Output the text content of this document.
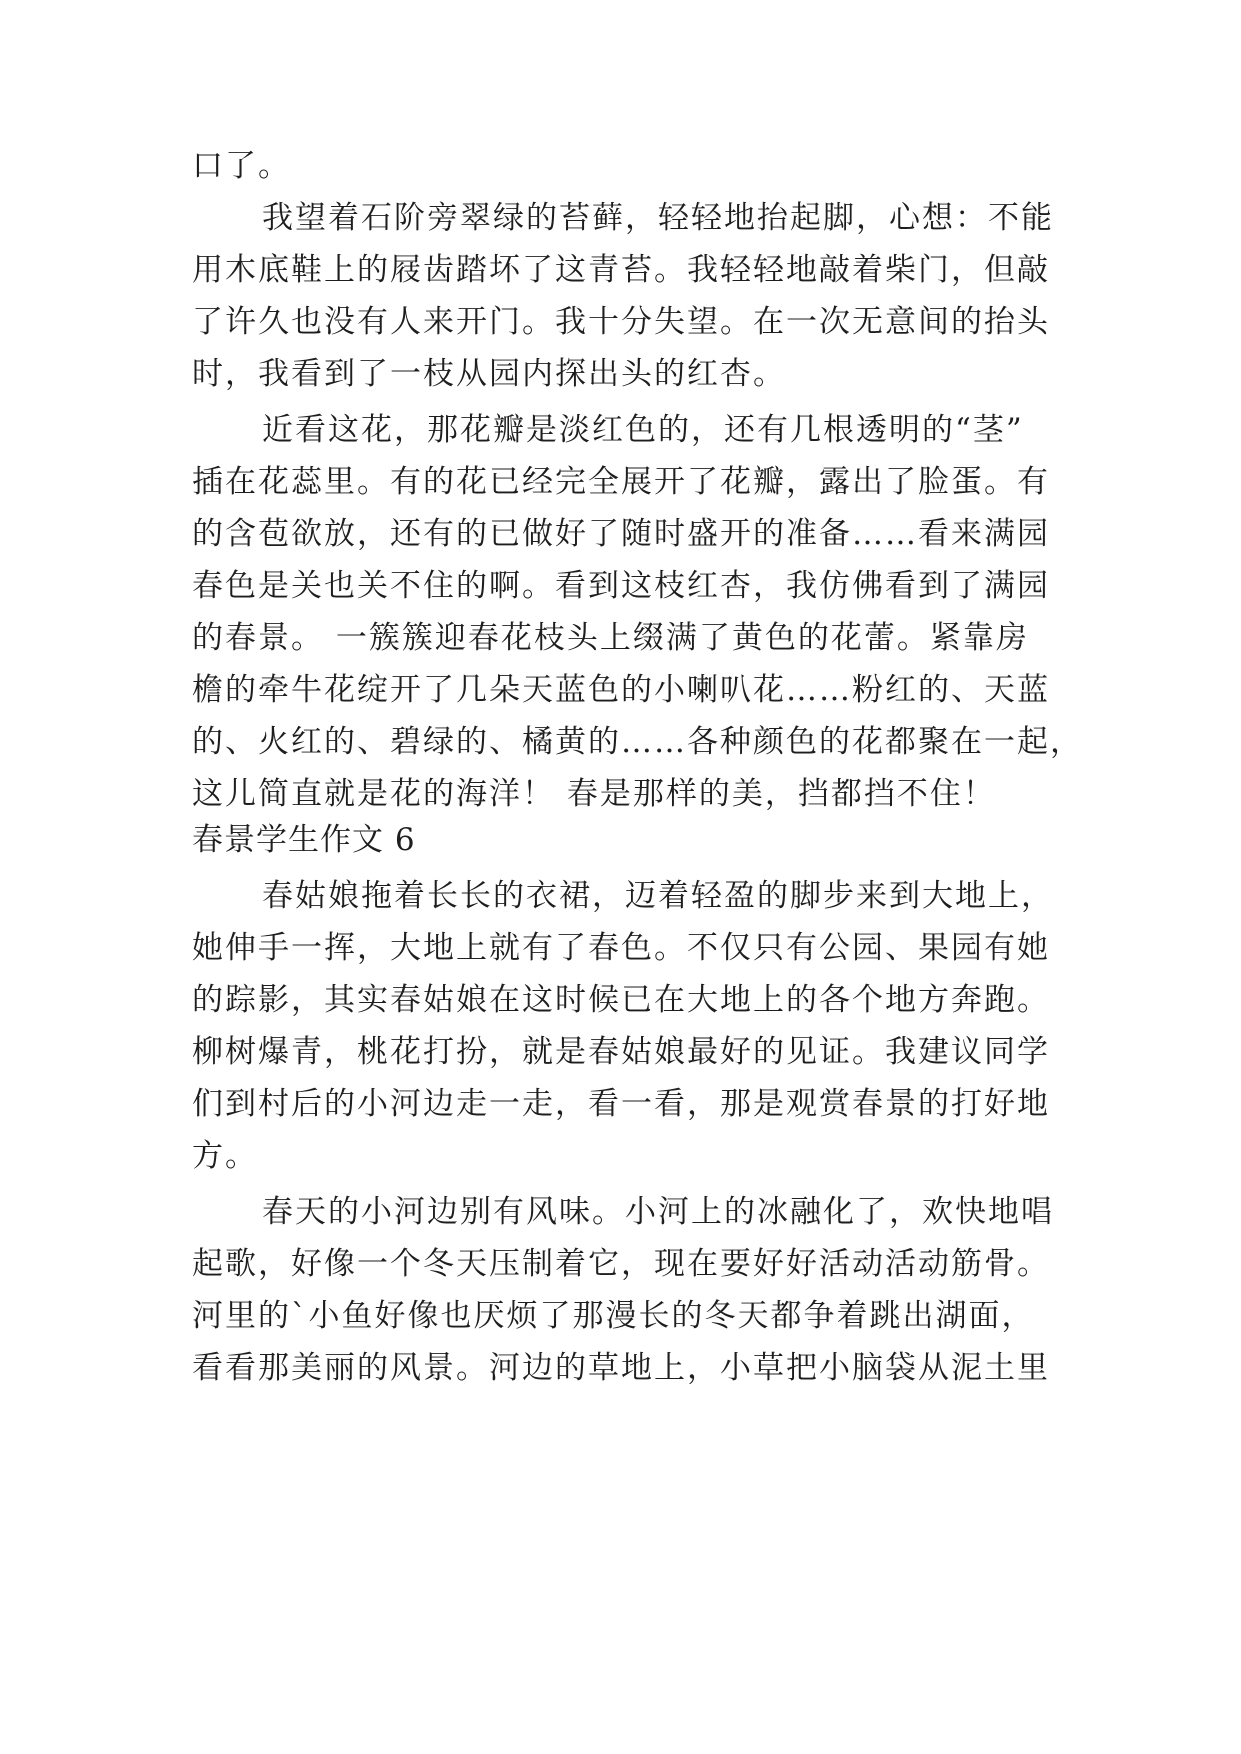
口了。
我望着石阶旁翠绿的苔藓，轻轻地抬起脚，心想：不能
用木底鞋上的屐齿踏坏了这青苔。我轻轻地敲着柴门，但敲
了许久也没有人来开门。我十分失望。在一次无意间的抬头
时，我看到了一枝从园内探出头的红杏。
近看这花，那花瓣是淡红色的，还有几根透明的“茎”
插在花蕊里。有的花已经完全展开了花瓣，露出了脸蛋。有
的含苞欲放，还有的已做好了随时盛开的准备……看来满园
春色是关也关不住的啊。看到这枝红杏，我仿佛看到了满园
的春景。 一簇簇迎春花枝头上缀满了黄色的花蕾。紧靠房
檐的牵牛花绽开了几朵天蓝色的小喇叭花……粉红的、天蓝
的、火红的、碧绿的、橘黄的……各种颜色的花都聚在一起，
这儿简直就是花的海洋！ 春是那样的美，挡都挡不住！
春景学生作文 6
春姑娘拖着长长的衣裙，迈着轻盈的脚步来到大地上，
她伸手一挥，大地上就有了春色。不仅只有公园、果园有她
的踪影，其实春姑娘在这时候已在大地上的各个地方奔跑。
柳树爆青，桃花打扮，就是春姑娘最好的见证。我建议同学
们到村后的小河边走一走，看一看，那是观赏春景的打好地
方。
春天的小河边别有风味。小河上的冰融化了，欢快地唱
起歌，好像一个冬天压制着它，现在要好好活动活动筋骨。
河里的`小鱼好像也厌烦了那漫长的冬天都争着跳出湖面，
看看那美丽的风景。河边的草地上，小草把小脑袋从泥土里
